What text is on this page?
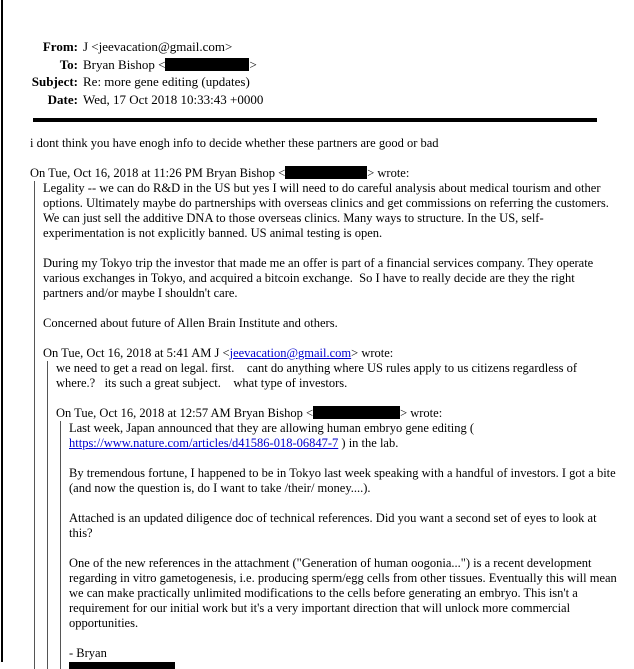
From:	J <jeevacation@gmail.com>
To:	Bryan Bishop < >
Subject:	Re: more gene editing (updates)
Date:	Wed, 17 Oct 2018 10:33:43 +0000

i dont think you have enogh info to decide whether these partners are good or bad

On Tue, Oct 16, 2018 at 11:26 PM Bryan Bishop <	> wrote:

Legality -- we can do R&D in the US but yes I will need to do careful analysis about medical tourism and other options. Ultimately maybe do partnerships with overseas clinics and get commissions on referring the customers. We can just sell the additive DNA to those overseas clinics. Many ways to structure. In the US, self-experimentation is not explicitly banned. US animal testing is open.

During my Tokyo trip the investor that made me an offer is part of a financial services company. They operate various exchanges in Tokyo, and acquired a bitcoin exchange.  So I have to really decide are they the right partners and/or maybe I shouldn't care.

Concerned about future of Allen Brain Institute and others.

On Tue, Oct 16, 2018 at 5:41 AM J <jeevacation@gmail.com> wrote:

we need to get a read on legal. first.    cant do anything where US rules apply to us citizens regardless of where.?   its such a great subject.    what type of investors.

On Tue, Oct 16, 2018 at 12:57 AM Bryan Bishop <	> wrote:

Last week, Japan announced that they are allowing human embryo gene editing ( https://www.nature.com/articles/d41586-018-06847-7 ) in the lab.

By tremendous fortune, I happened to be in Tokyo last week speaking with a handful of investors. I got a bite (and now the question is, do I want to take /their/ money....).

Attached is an updated diligence doc of technical references. Did you want a second set of eyes to look at this?

One of the new references in the attachment ("Generation of human oogonia...") is a recent development regarding in vitro gametogenesis, i.e. producing sperm/egg cells from other tissues. Eventually this will mean we can make practically unlimited modifications to the cells before generating an embryo. This isn't a requirement for our initial work but it's a very important direction that will unlock more commercial opportunities.

- Bryan
